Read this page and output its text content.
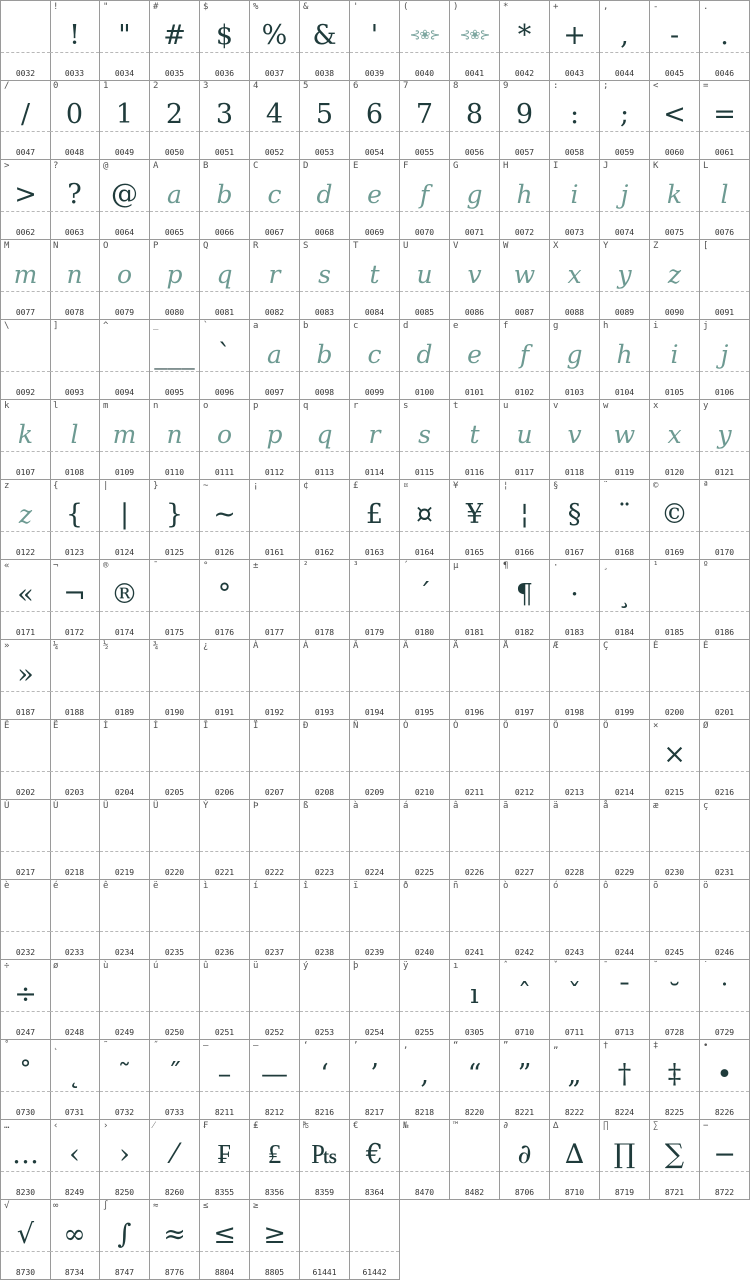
0032
!
!
0033
"
"
0034
#
#
0035
$
$
0036
%
%
0037
&
&
0038
'
'
0039
(
⊰❀⊱
0040
)
⊰❀⊱
0041
*
*
0042
+
+
0043
,
,
0044
-
-
0045
.
.
0046
/
/
0047
0
0
0048
1
1
0049
2
2
0050
3
3
0051
4
4
0052
5
5
0053
6
6
0054
7
7
0055
8
8
0056
9
9
0057
:
:
0058
;
;
0059
<
<
0060
=
=
0061
>
>
0062
?
?
0063
@
@
0064
A
a
0065
B
b
0066
C
c
0067
D
d
0068
E
e
0069
F
f
0070
G
g
0071
H
h
0072
I
i
0073
J
j
0074
K
k
0075
L
l
0076
M
m
0077
N
n
0078
O
o
0079
P
p
0080
Q
q
0081
R
r
0082
S
s
0083
T
t
0084
U
u
0085
V
v
0086
W
w
0087
X
x
0088
Y
y
0089
Z
z
0090
[
0091
\
0092
]
0093
^
0094
_
___
0095
`
`
0096
a
a
0097
b
b
0098
c
c
0099
d
d
0100
e
e
0101
f
f
0102
g
g
0103
h
h
0104
i
i
0105
j
j
0106
k
k
0107
l
l
0108
m
m
0109
n
n
0110
o
o
0111
p
p
0112
q
q
0113
r
r
0114
s
s
0115
t
t
0116
u
u
0117
v
v
0118
w
w
0119
x
x
0120
y
y
0121
z
z
0122
{
{
0123
|
|
0124
}
}
0125
~
~
0126
¡
0161
¢
0162
£
£
0163
¤
¤
0164
¥
¥
0165
¦
¦
0166
§
§
0167
¨
¨
0168
©
©
0169
ª
0170
«
«
0171
¬
¬
0172
®
®
0174
¯
0175
°
°
0176
±
0177
²
0178
³
0179
´
´
0180
µ
0181
¶
¶
0182
·
·
0183
¸
¸
0184
¹
0185
º
0186
»
»
0187
¼
0188
½
0189
¾
0190
¿
0191
À
0192
Á
0193
Â
0194
Ã
0195
Ä
0196
Å
0197
Æ
0198
Ç
0199
È
0200
É
0201
Ê
0202
Ë
0203
Ì
0204
Í
0205
Î
0206
Ï
0207
Ð
0208
Ñ
0209
Ò
0210
Ó
0211
Ô
0212
Õ
0213
Ö
0214
×
×
0215
Ø
0216
Ù
0217
Ú
0218
Û
0219
Ü
0220
Ý
0221
Þ
0222
ß
0223
à
0224
á
0225
â
0226
ã
0227
ä
0228
å
0229
æ
0230
ç
0231
è
0232
é
0233
ê
0234
ë
0235
ì
0236
í
0237
î
0238
ï
0239
ð
0240
ñ
0241
ò
0242
ó
0243
ô
0244
õ
0245
ö
0246
÷
÷
0247
ø
0248
ù
0249
ú
0250
û
0251
ü
0252
ý
0253
þ
0254
ÿ
0255
ı
ı
0305
ˆ
ˆ
0710
ˇ
ˇ
0711
ˉ
ˉ
0713
˘
˘
0728
˙
˙
0729
˚
˚
0730
˛
˛
0731
˜
˜
0732
˝
˝
0733
–
–
8211
—
—
8212
‘
‘
8216
’
’
8217
‚
‚
8218
“
“
8220
”
”
8221
„
„
8222
†
†
8224
‡
‡
8225
•
•
8226
…
…
8230
‹
‹
8249
›
›
8250
⁄
⁄
8260
₣
₣
8355
₤
₤
8356
₧
₧
8359
€
€
8364
№
8470
™
8482
∂
∂
8706
∆
∆
8710
∏
∏
8719
∑
∑
8721
−
−
8722
√
√
8730
∞
∞
8734
∫
∫
8747
≈
≈
8776
≤
≤
8804
≥
≥
8805	61441	61442
